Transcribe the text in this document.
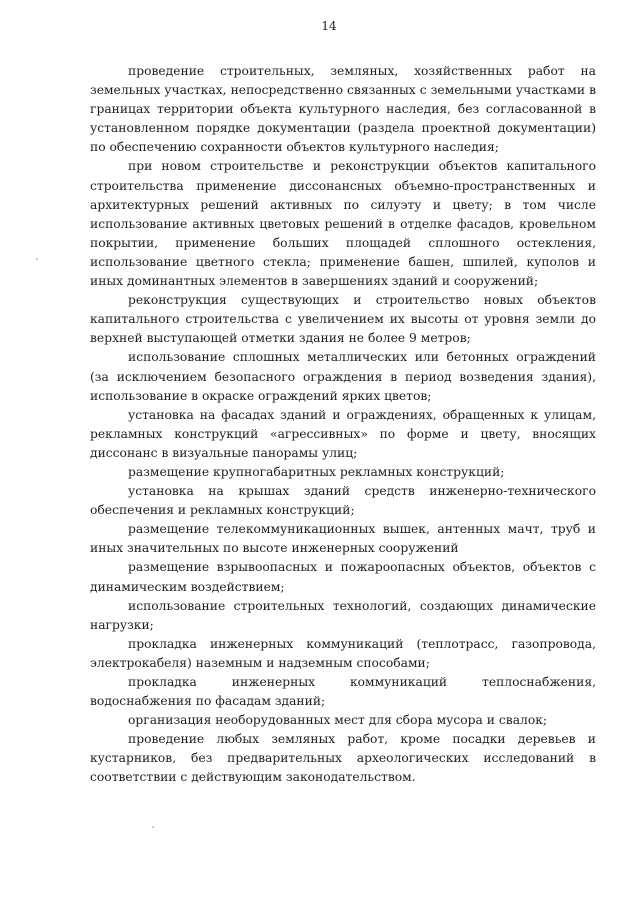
14

проведение строительных, земляных, хозяйственных работ на земельных участках, непосредственно связанных с земельными участками в границах территории объекта культурного наследия, без согласованной в установленном порядке документации (раздела проектной документации) по обеспечению сохранности объектов культурного наследия;

при новом строительстве и реконструкции объектов капитального строительства применение диссонансных объемно-пространственных и архитектурных решений активных по силуэту и цвету; в том числе использование активных цветовых решений в отделке фасадов, кровельном покрытии, применение больших площадей сплошного остекления, использование цветного стекла; применение башен, шпилей, куполов и иных доминантных элементов в завершениях зданий и сооружений;

реконструкция существующих и строительство новых объектов капитального строительства с увеличением их высоты от уровня земли до верхней выступающей отметки здания не более 9 метров;

использование сплошных металлических или бетонных ограждений (за исключением безопасного ограждения в период возведения здания), использование в окраске ограждений ярких цветов;

установка на фасадах зданий и ограждениях, обращенных к улицам, рекламных конструкций «агрессивных» по форме и цвету, вносящих диссонанс в визуальные панорамы улиц;

размещение крупногабаритных рекламных конструкций;

установка на крышах зданий средств инженерно-технического обеспечения и рекламных конструкций;

размещение телекоммуникационных вышек, антенных мачт, труб и иных значительных по высоте инженерных сооружений

размещение взрывоопасных и пожароопасных объектов, объектов с динамическим воздействием;

использование строительных технологий, создающих динамические нагрузки;

прокладка инженерных коммуникаций (теплотрасс, газопровода, электрокабеля) наземным и надземным способами;

прокладка инженерных коммуникаций теплоснабжения, водоснабжения по фасадам зданий;

организация необорудованных мест для сбора мусора и свалок;

проведение любых земляных работ, кроме посадки деревьев и кустарников, без предварительных археологических исследований в соответствии с действующим законодательством.
